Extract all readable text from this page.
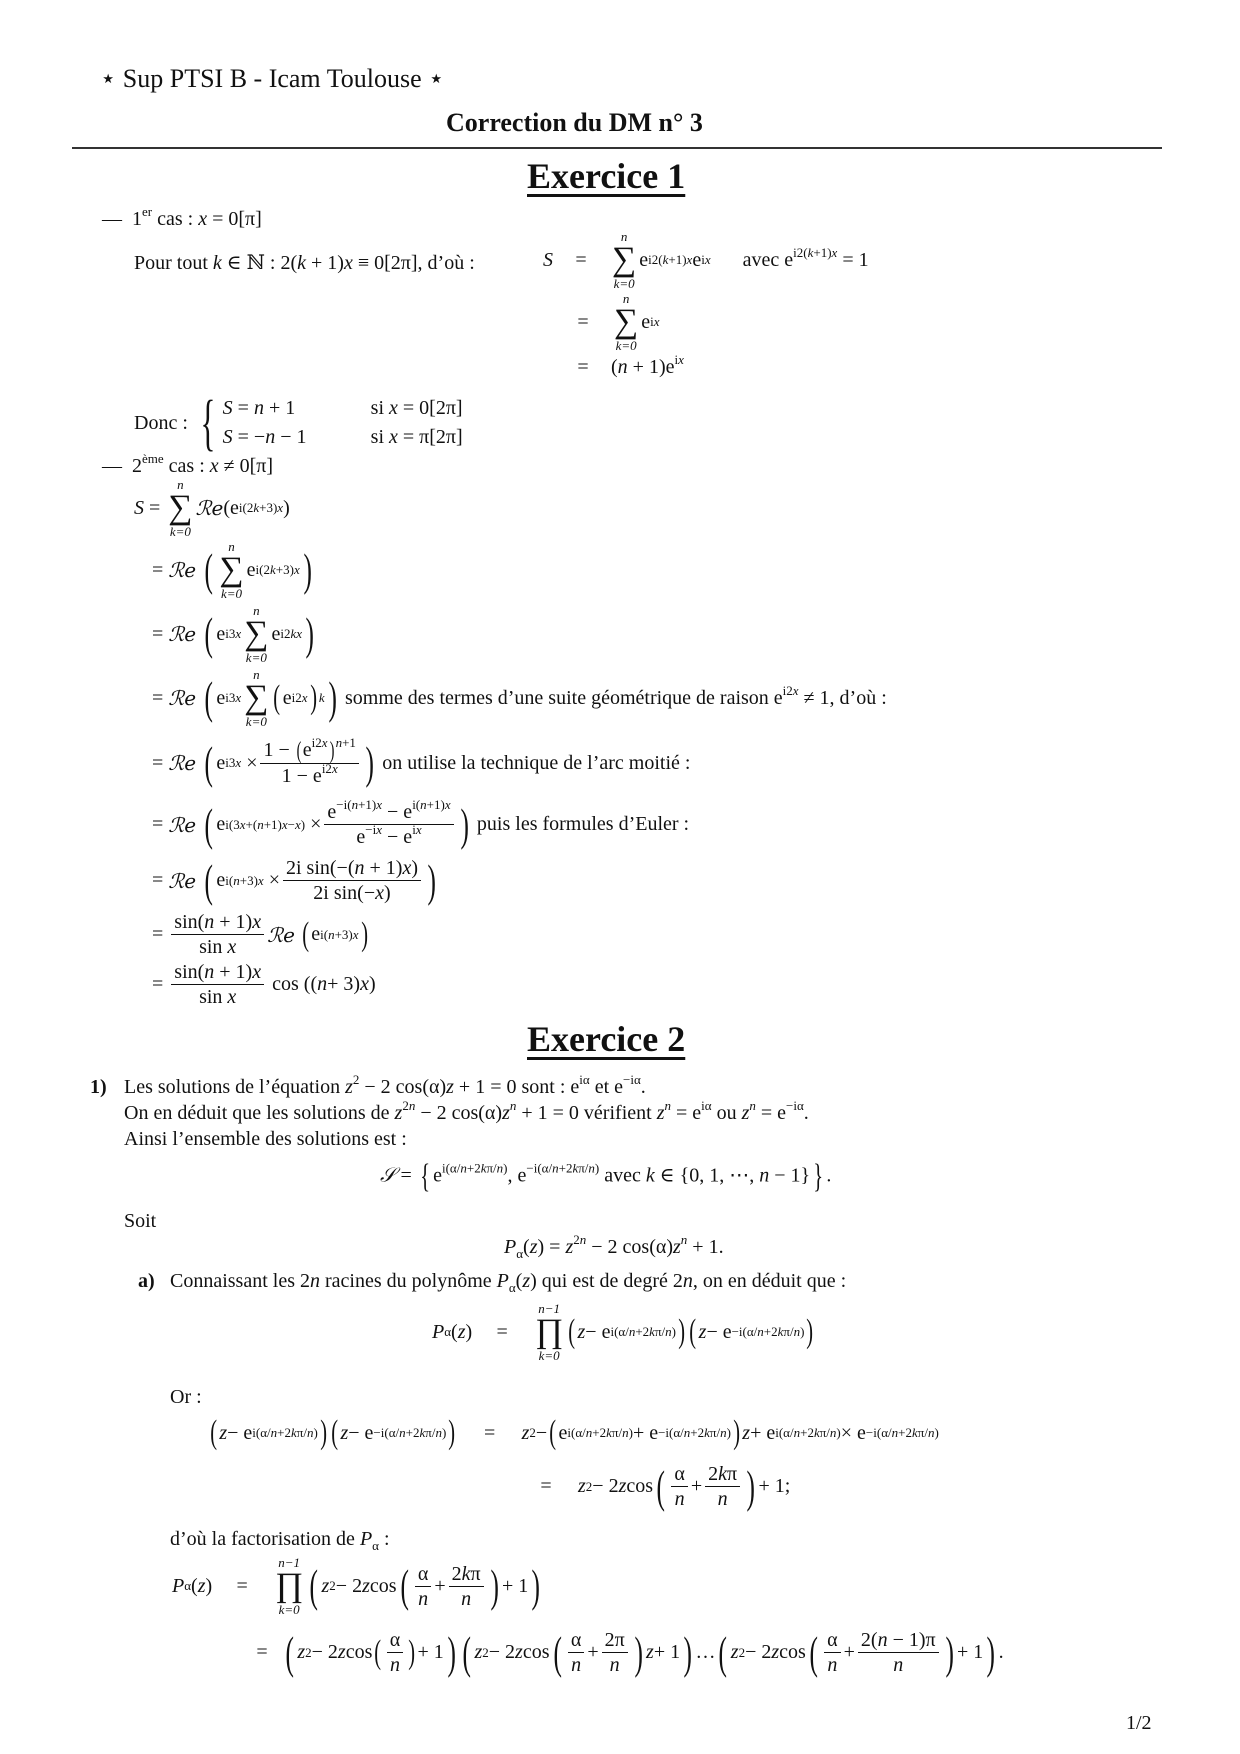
⋆ Sup PTSI B - Icam Toulouse ⋆
Correction du DM n° 3
Exercice 1
—  1er cas : x = 0[π]
Pour tout k ∈ ℕ : 2(k + 1)x ≡ 0[2π], d’où :	S	=
n
∑
k=0
e i2(k+1)x e ix avec $e^{i2(k+1)x} = 1$
=
n
∑
k=0
e ix
= $(n + 1)e^{ix}$
Donc :
{ S = n + 1	si x = 0[2π]
S = −n − 1	si x = π[2π]
—  2ème cas : x ≠ 0[π]
S =
n
∑
k=0
ℛe (e i(2k+3)x )
= ℛe
( n
∑
k=0
e i(2k+3)x )
= ℛe
( e i3x
n
∑
k=0
e i2kx )
= ℛe
( e i3x
n
∑
k=0
( e i2x ) k )
somme des termes d’une suite géométrique de raison $e^{i2x} \ne 1$, d’où :
= ℛe
( e $i3x \times \frac{1 - (e^{i2x}) ^{n+1}}{1 - e^{i2x}}$ )
on utilise la technique de l’arc moitié :
= ℛe
( e $i(3x+(n+1)x-x) \times \frac{e^{-i(n+1)x} - e^{i(n+1)x}}{e^{-ix} - e^{ix}}$ )
puis les formules d’Euler :
= ℛe
( e $i(n+3)x \times \frac{\text{2i sin(−(n + 1)x)}}{\text{2i sin(−x)}}$ )
= $\frac{\sin(n + 1)x}{\text{sin x}}$ ℛe
( e i(n+3)x )
= $\frac{\sin(n + 1)x}{\text{sin x}}$ cos (( n + 3) x )
Exercice 2
1) Les solutions de l’équation $z^2 - 2$ cos(α)z + 1 = 0 sont : $e^{i\alpha}$ et $e^{-i\alpha}$.
On en déduit que les solutions de $z^{2n} - 2$ $\cos(\alpha)z^n + 1 = 0$ vérifient $z^n = e^{i\alpha}$ ou $z^n = e^{-i\alpha}$.
Ainsi l’ensemble des solutions est :
𝒮 = { $e^{i(\alpha/n+2k\pi/n)}$, $e^{-i(\alpha/n+2k\pi/n)}$ avec k ∈ {0, 1, ⋯, n − 1}} .
Soit
$P_\alpha(z) = z^{2n} - 2$ $\cos(\alpha)z^n + 1$.
a) Connaissant les 2n racines du polynôme $P_\alpha(z)$ qui est de degré 2n, on en déduit que :
P α ( z )	=
n−1
∏
k=0
( z − e i(α/n+2kπ/n) ) ( z − e −i(α/n+2kπ/n) )
Or :
( z − e i(α/n+2kπ/n) ) ( z − e −i(α/n+2kπ/n) )	=	z 2 − ( e i(α/n+2kπ/n) + e −i(α/n+2kπ/n) ) z + e i(α/n+2kπ/n) × e −i(α/n+2kπ/n)
=	z 2 − 2 z cos ( $\frac{\alpha}{n} + \frac{2k\pi}{n}$ ) + 1;
d’où la factorisation de $P_\alpha$ :
P α ( z )	=
n−1
∏
k=0 ( z 2 − 2 z cos ( $\frac{\alpha}{n} + \frac{2k\pi}{n}$ ) + 1 )
= ( z 2 − 2 z cos ( $\frac{\alpha}{n}$ ) + 1 ) ( z 2 − 2 z cos ( $\frac{\alpha}{n} + \frac{2\pi}{n}$ ) z + 1 ) … ( z 2 − 2 z cos ( $\frac{\alpha}{n} + \frac{2(n - 1)\pi}{n}$ ) + 1 ) .
1/2
